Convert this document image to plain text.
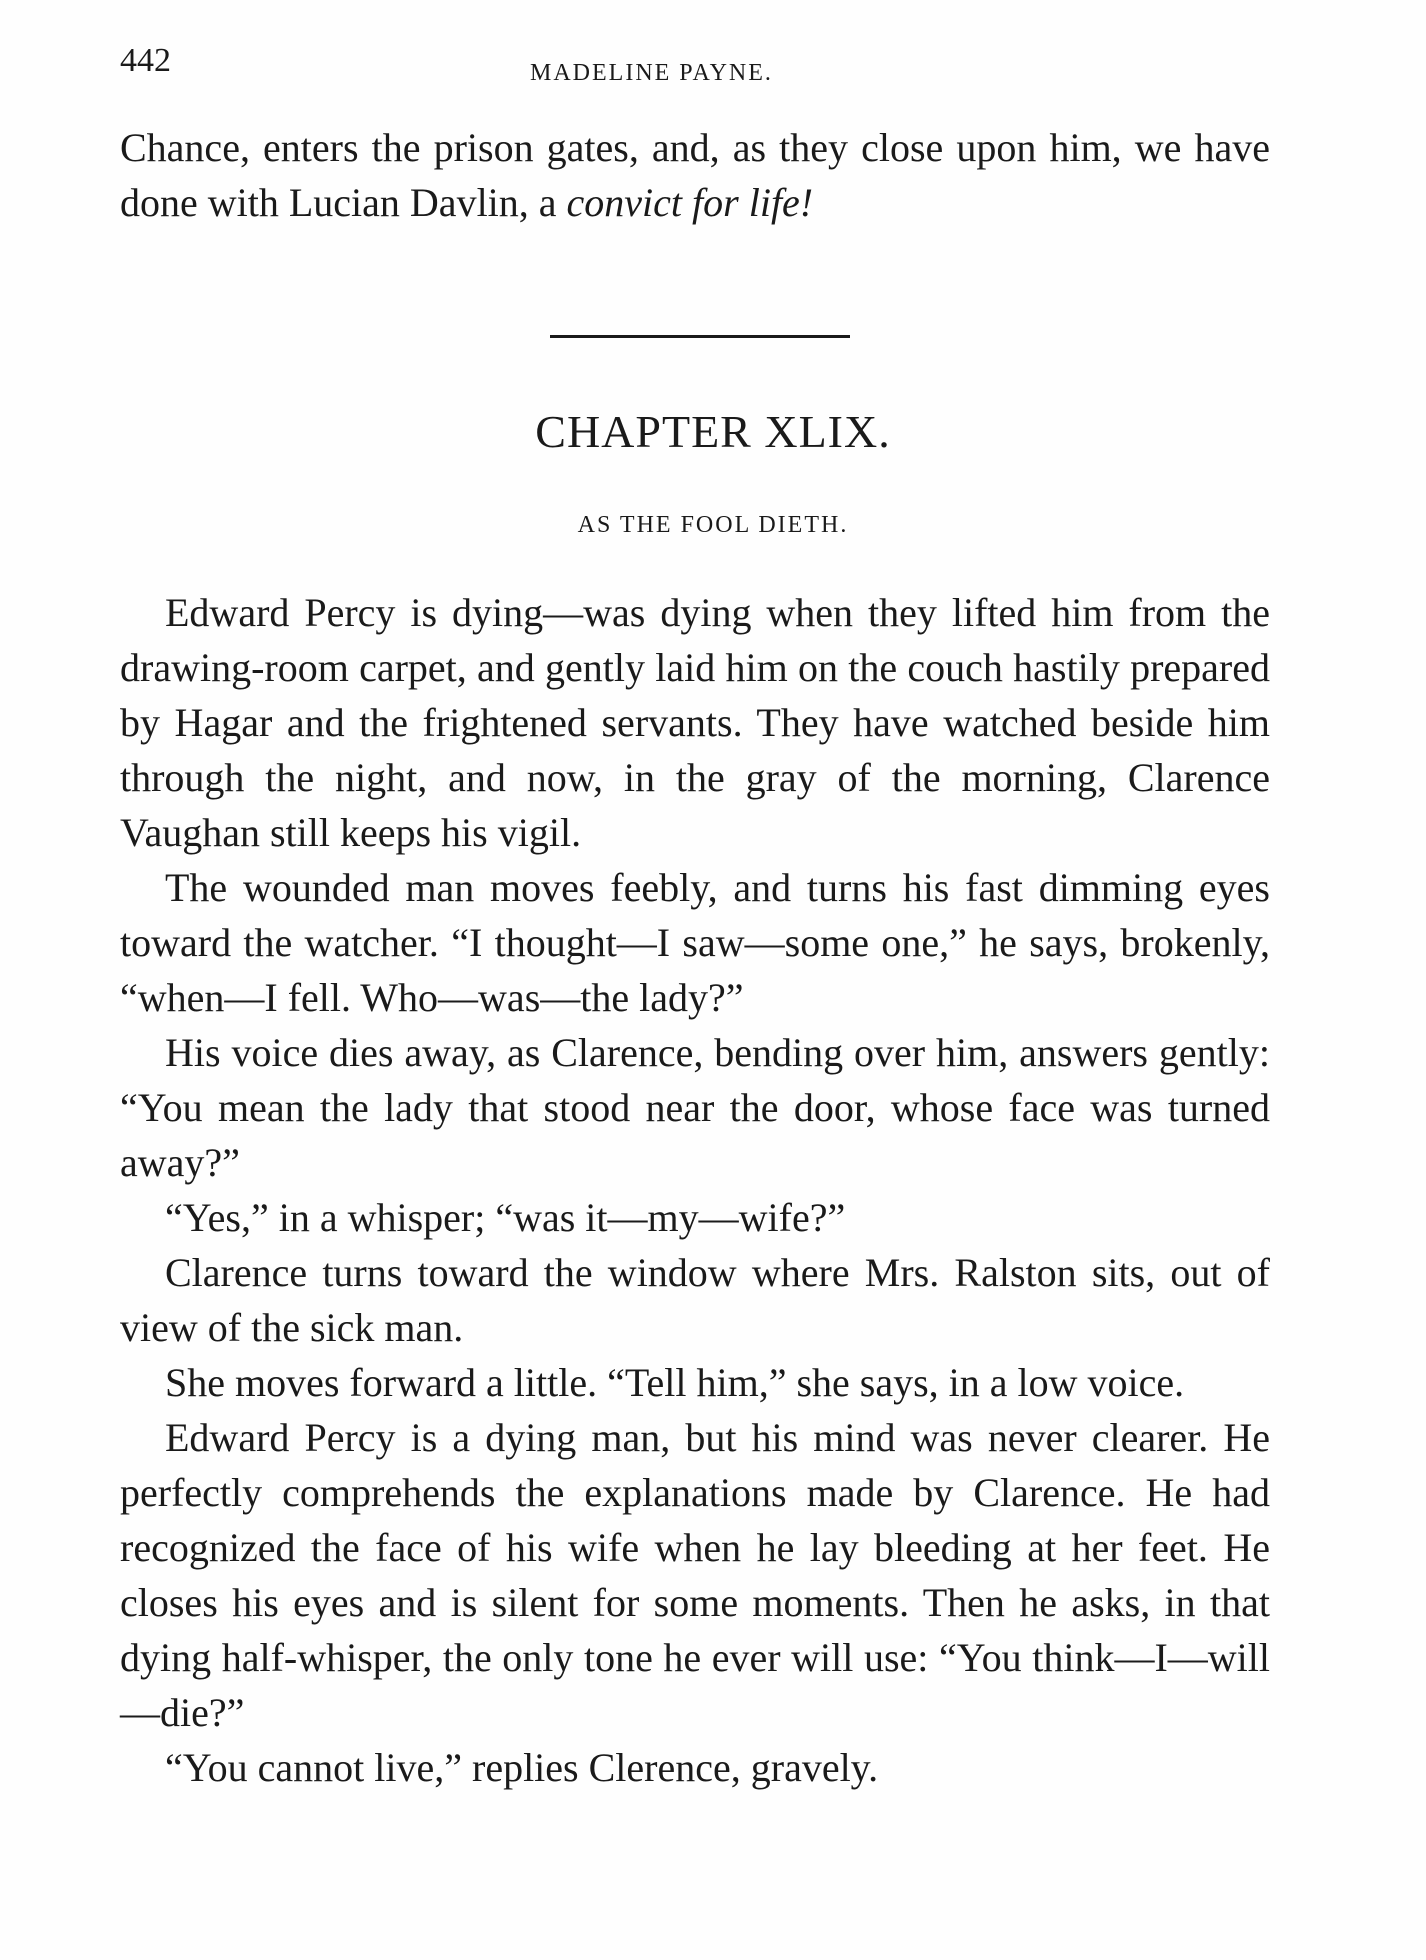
442	MADELINE PAYNE.

Chance, enters the prison gates, and, as they close upon him, we have done with Lucian Davlin, a convict for life!

CHAPTER XLIX.
AS THE FOOL DIETH.

Edward Percy is dying—was dying when they lifted him from the drawing-room carpet, and gently laid him on the couch hastily prepared by Hagar and the frightened servants. They have watched beside him through the night, and now, in the gray of the morning, Clarence Vaughan still keeps his vigil.

The wounded man moves feebly, and turns his fast dimming eyes toward the watcher. “I thought—I saw—some one,” he says, brokenly, “when—I fell. Who—was—the lady?”

His voice dies away, as Clarence, bending over him, answers gently: “You mean the lady that stood near the door, whose face was turned away?”

“Yes,” in a whisper; “was it—my—wife?”

Clarence turns toward the window where Mrs. Ralston sits, out of view of the sick man.

She moves forward a little. “Tell him,” she says, in a low voice.

Edward Percy is a dying man, but his mind was never clearer. He perfectly comprehends the explanations made by Clarence. He had recognized the face of his wife when he lay bleeding at her feet. He closes his eyes and is silent for some moments. Then he asks, in that dying half-whisper, the only tone he ever will use: “You think—I—will—die?”

“You cannot live,” replies Clerence, gravely.
